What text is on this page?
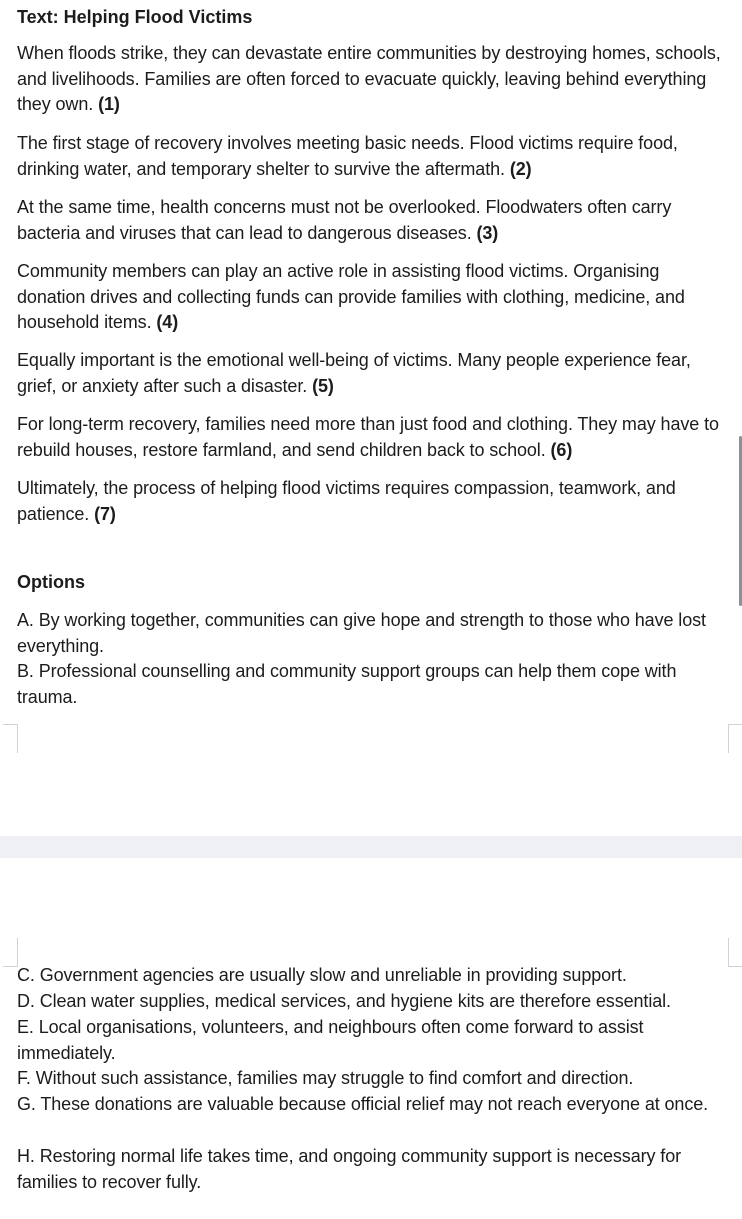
Text: Helping Flood Victims

When floods strike, they can devastate entire communities by destroying homes, schools, and livelihoods. Families are often forced to evacuate quickly, leaving behind everything they own. (1)

The first stage of recovery involves meeting basic needs. Flood victims require food, drinking water, and temporary shelter to survive the aftermath. (2)

At the same time, health concerns must not be overlooked. Floodwaters often carry bacteria and viruses that can lead to dangerous diseases. (3)

Community members can play an active role in assisting flood victims. Organising donation drives and collecting funds can provide families with clothing, medicine, and household items. (4)

Equally important is the emotional well-being of victims. Many people experience fear, grief, or anxiety after such a disaster. (5)

For long-term recovery, families need more than just food and clothing. They may have to rebuild houses, restore farmland, and send children back to school. (6)

Ultimately, the process of helping flood victims requires compassion, teamwork, and patience. (7)

Options

A. By working together, communities can give hope and strength to those who have lost everything.

B. Professional counselling and community support groups can help them cope with trauma.

C. Government agencies are usually slow and unreliable in providing support.

D. Clean water supplies, medical services, and hygiene kits are therefore essential.

E. Local organisations, volunteers, and neighbours often come forward to assist immediately.

F. Without such assistance, families may struggle to find comfort and direction.

G. These donations are valuable because official relief may not reach everyone at once.

H. Restoring normal life takes time, and ongoing community support is necessary for families to recover fully.
